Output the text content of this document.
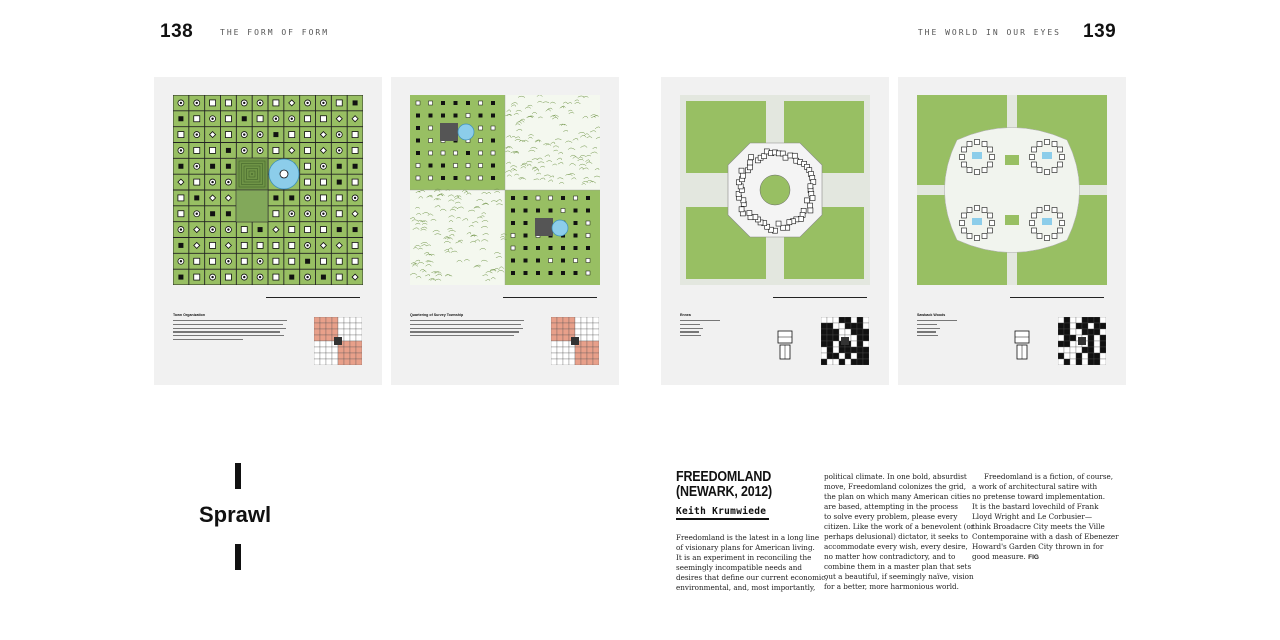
138	THE FORM OF FORM	THE WORLD IN OUR EYES 139
Town Organization	Quartering of Survey Township	Ennea	Sawback Woods
Sprawl
FREEDOMLAND
(NEWARK, 2012)
Keith Krumwiede

Freedomland is the latest in a long line

of visionary plans for American living.

It is an experiment in reconciling the

seemingly incompatible needs and

desires that define our current economic,

environmental, and, most importantly,

political climate. In one bold, absurdist

move, Freedomland colonizes the grid,

the plan on which many American cities

are based, attempting in the process

to solve every problem, please every

citizen. Like the work of a benevolent (or

perhaps delusional) dictator, it seeks to

accommodate every wish, every desire,

no matter how contradictory, and to

combine them in a master plan that sets

out a beautiful, if seemingly naïve, vision

for a better, more harmonious world.

Freedomland is a fiction, of course,

a work of architectural satire with

no pretense toward implementation.

It is the bastard lovechild of Frank

Lloyd Wright and Le Corbusier—

think Broadacre City meets the Ville

Contemporaine with a dash of Ebenezer

Howard's Garden City thrown in for

good measure. FIG
